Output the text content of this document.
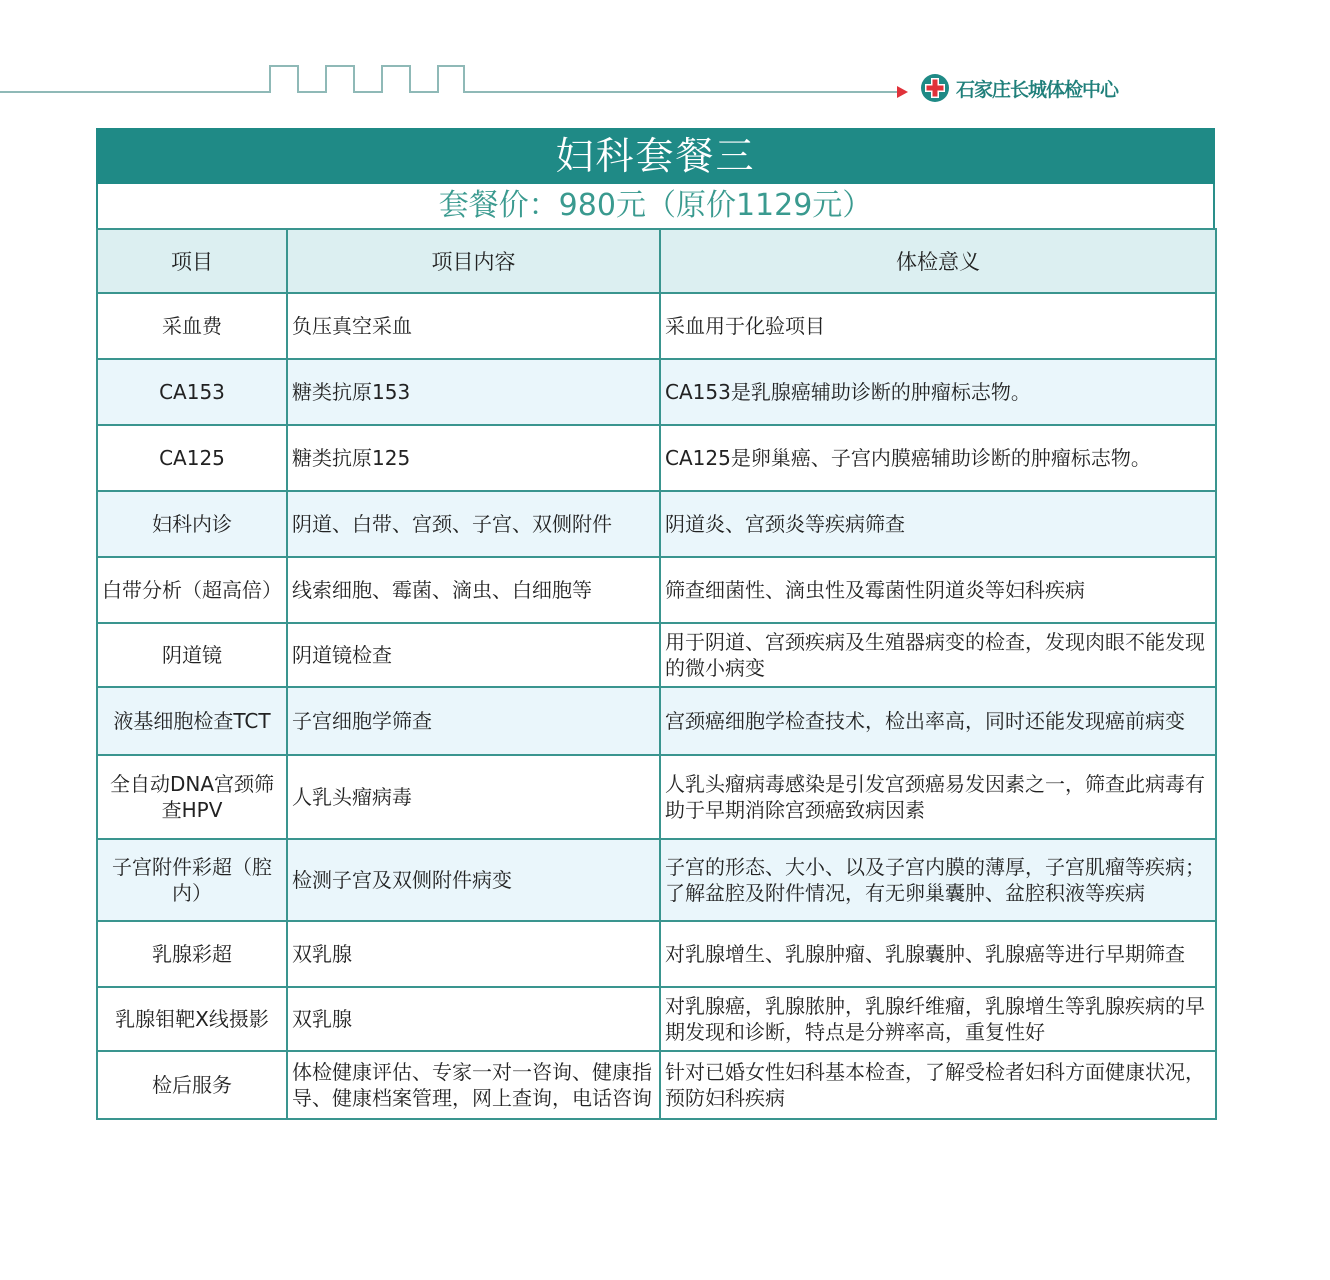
石家庄长城体检中心
妇科套餐三
套餐价：980元（原价1129元）
项目	项目内容	体检意义
采血费	负压真空采血	采血用于化验项目
CA153	糖类抗原153	CA153是乳腺癌辅助诊断的肿瘤标志物。
CA125	糖类抗原125	CA125是卵巢癌、子宫内膜癌辅助诊断的肿瘤标志物。
妇科内诊	阴道、白带、宫颈、子宫、双侧附件	阴道炎、宫颈炎等疾病筛查
白带分析（超高倍）	线索细胞、霉菌、滴虫、白细胞等	筛查细菌性、滴虫性及霉菌性阴道炎等妇科疾病
阴道镜	阴道镜检查	用于阴道、宫颈疾病及生殖器病变的检查，发现肉眼不能发现的微小病变
液基细胞检查TCT	子宫细胞学筛查	宫颈癌细胞学检查技术，检出率高，同时还能发现癌前病变
全自动DNA宫颈筛查HPV	人乳头瘤病毒	人乳头瘤病毒感染是引发宫颈癌易发因素之一，筛查此病毒有助于早期消除宫颈癌致病因素
子宫附件彩超（腔内）	检测子宫及双侧附件病变	子宫的形态、大小、以及子宫内膜的薄厚，子宫肌瘤等疾病；了解盆腔及附件情况，有无卵巢囊肿、盆腔积液等疾病
乳腺彩超	双乳腺	对乳腺增生、乳腺肿瘤、乳腺囊肿、乳腺癌等进行早期筛查
乳腺钼靶X线摄影	双乳腺	对乳腺癌，乳腺脓肿，乳腺纤维瘤，乳腺增生等乳腺疾病的早期发现和诊断，特点是分辨率高，重复性好
检后服务	体检健康评估、专家一对一咨询、健康指导、健康档案管理，网上查询，电话咨询	针对已婚女性妇科基本检查，了解受检者妇科方面健康状况，预防妇科疾病
